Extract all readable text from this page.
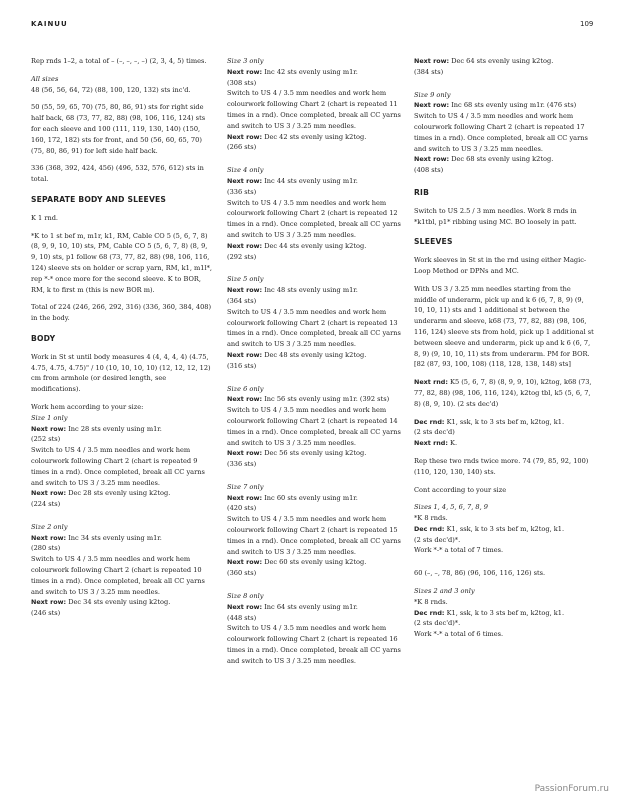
KAINUU	109

Rep rnds 1–2, a total of – (–, –, –, –) (2, 3, 4, 5) times.

All sizes

48 (56, 56, 64, 72) (88, 100, 120, 132) sts inc'd.

50 (55, 59, 65, 70) (75, 80, 86, 91) sts for right side half back, 68 (73, 77, 82, 88) (98, 106, 116, 124) sts for each sleeve and 100 (111, 119, 130, 140) (150, 160, 172, 182) sts for front, and 50 (56, 60, 65, 70) (75, 80, 86, 91) for left side half back.

336 (368, 392, 424, 456) (496, 532, 576, 612) sts in total.

SEPARATE BODY AND SLEEVES

K 1 rnd.

*K to 1 st bef m, m1r, k1, RM, Cable CO 5 (5, 6, 7, 8) (8, 9, 9, 10, 10) sts, PM, Cable CO 5 (5, 6, 7, 8) (8, 9, 9, 10) sts, p1 follow 68 (73, 77, 82, 88) (98, 106, 116, 124) sleeve sts on holder or scrap yarn, RM, k1, m1l*, rep *-* once more for the second sleeve. K to BOR, RM, k to first m (this is new BOR m).

Total of 224 (246, 266, 292, 316) (336, 360, 384, 408) in the body.

BODY

Work in St st until body measures 4 (4, 4, 4, 4) (4.75, 4.75, 4.75, 4.75)" / 10 (10, 10, 10, 10) (12, 12, 12, 12) cm from armhole (or desired length, see modifications).

Work hem according to your size:
Size 1 only
Next row: Inc 28 sts evenly using m1r.
(252 sts)
Switch to US 4 / 3.5 mm needles and work hem colourwork following Chart 2 (chart is repeated 9 times in a rnd). Once completed, break all CC yarns and switch to US 3 / 3.25 mm needles.
Next row: Dec 28 sts evenly using k2tog.
(224 sts)
Size 2 only
Next row: Inc 34 sts evenly using m1r.
(280 sts)
Switch to US 4 / 3.5 mm needles and work hem colourwork following Chart 2 (chart is repeated 10 times in a rnd). Once completed, break all CC yarns and switch to US 3 / 3.25 mm needles.
Next row: Dec 34 sts evenly using k2tog.
(246 sts)
Size 3 only
Next row: Inc 42 sts evenly using m1r.
(308 sts)
Switch to US 4 / 3.5 mm needles and work hem colourwork following Chart 2 (chart is repeated 11 times in a rnd). Once completed, break all CC yarns and switch to US 3 / 3.25 mm needles.
Next row: Dec 42 sts evenly using k2tog.
(266 sts)
Size 4 only
Next row: Inc 44 sts evenly using m1r.
(336 sts)
Switch to US 4 / 3.5 mm needles and work hem colourwork following Chart 2 (chart is repeated 12 times in a rnd). Once completed, break all CC yarns and switch to US 3 / 3.25 mm needles.
Next row: Dec 44 sts evenly using k2tog.
(292 sts)
Size 5 only
Next row: Inc 48 sts evenly using m1r.
(364 sts)
Switch to US 4 / 3.5 mm needles and work hem colourwork following Chart 2 (chart is repeated 13 times in a rnd). Once completed, break all CC yarns and switch to US 3 / 3.25 mm needles.
Next row: Dec 48 sts evenly using k2tog.
(316 sts)
Size 6 only
Next row: Inc 56 sts evenly using m1r. (392 sts)
Switch to US 4 / 3.5 mm needles and work hem colourwork following Chart 2 (chart is repeated 14 times in a rnd). Once completed, break all CC yarns and switch to US 3 / 3.25 mm needles.
Next row: Dec 56 sts evenly using k2tog.
(336 sts)
Size 7 only
Next row: Inc 60 sts evenly using m1r.
(420 sts)
Switch to US 4 / 3.5 mm needles and work hem colourwork following Chart 2 (chart is repeated 15 times in a rnd). Once completed, break all CC yarns and switch to US 3 / 3.25 mm needles.
Next row: Dec 60 sts evenly using k2tog.
(360 sts)
Size 8 only
Next row: Inc 64 sts evenly using m1r.
(448 sts)
Switch to US 4 / 3.5 mm needles and work hem colourwork following Chart 2 (chart is repeated 16 times in a rnd). Once completed, break all CC yarns and switch to US 3 / 3.25 mm needles.
Next row: Dec 64 sts evenly using k2tog.
(384 sts)
Size 9 only
Next row: Inc 68 sts evenly using m1r. (476 sts)
Switch to US 4 / 3.5 mm needles and work hem colourwork following Chart 2 (chart is repeated 17 times in a rnd). Once completed, break all CC yarns and switch to US 3 / 3.25 mm needles.
Next row: Dec 68 sts evenly using k2tog.
(408 sts)
RIB

Switch to US 2.5 / 3 mm needles. Work 8 rnds in *k1tbl, p1* ribbing using MC. BO loosely in patt.

SLEEVES

Work sleeves in St st in the rnd using either Magic-Loop Method or DPNs and MC.

With US 3 / 3.25 mm needles starting from the middle of underarm, pick up and k 6 (6, 7, 8, 9) (9, 10, 10, 11) sts and 1 additional st between the underarm and sleeve, k68 (73, 77, 82, 88) (98, 106, 116, 124) sleeve sts from hold, pick up 1 additional st between sleeve and underarm, pick up and k 6 (6, 7, 8, 9) (9, 10, 10, 11) sts from underarm. PM for BOR. [82 (87, 93, 100, 108) (118, 128, 138, 148) sts]

Next rnd: K5 (5, 6, 7, 8) (8, 9, 9, 10), k2tog, k68 (73, 77, 82, 88) (98, 106, 116, 124), k2tog tbl, k5 (5, 6, 7, 8) (8, 9, 10). (2 sts dec'd)

Dec rnd: K1, ssk, k to 3 sts bef m, k2tog, k1.
(2 sts dec'd)

Next rnd: K.

Rep these two rnds twice more. 74 (79, 85, 92, 100) (110, 120, 130, 140) sts.

Cont according to your size

Sizes 1, 4, 5, 6, 7, 8, 9
*K 8 rnds.
Dec rnd: K1, ssk, k to 3 sts bef m, k2tog, k1.
(2 sts dec'd)*.
Work *-* a total of 7 times.

60 (–, –, 78, 86) (96, 106, 116, 126) sts.

Sizes 2 and 3 only
*K 8 rnds.
Dec rnd: K1, ssk, k to 3 sts bef m, k2tog, k1.
(2 sts dec'd)*.
Work *-* a total of 6 times.
PassionForum.ru
